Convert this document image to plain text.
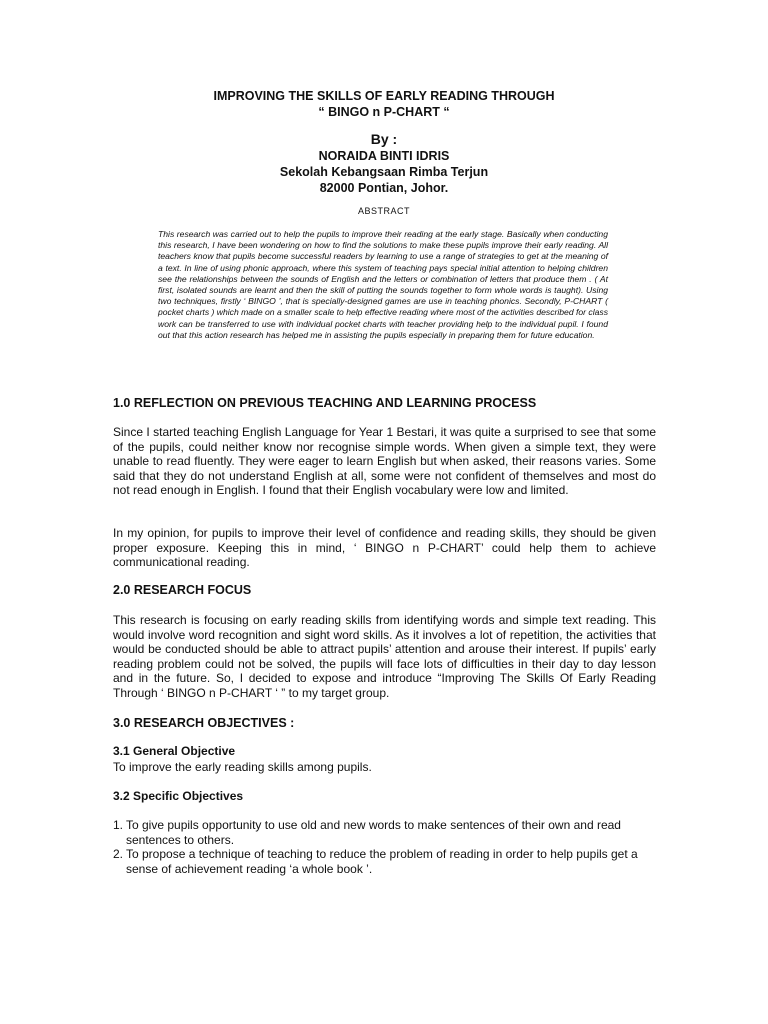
IMPROVING THE SKILLS OF EARLY READING THROUGH
“ BINGO n P-CHART “
By :
NORAIDA BINTI IDRIS
Sekolah Kebangsaan Rimba Terjun
82000 Pontian, Johor.
ABSTRACT
This research was carried out to help the pupils to improve their reading at the early stage. Basically when conducting this research, I have been wondering on how to find the solutions to make these pupils improve their early reading. All teachers know that pupils become successful readers by learning to use a range of strategies to get at the meaning of a text. In line of using phonic approach, where this system of teaching pays special initial attention to helping children see the relationships between the sounds of English and the letters or combination of letters that produce them . ( At first, isolated sounds are learnt and then the skill of putting the sounds together to form whole words is taught). Using two techniques, firstly ‘ BINGO ’, that is specially-designed games are use in teaching phonics. Secondly, P-CHART ( pocket charts ) which made on a smaller scale to help effective reading where most of the activities described for class work can be transferred to use with individual pocket charts with teacher providing help to the individual pupil. I found out that this action research has helped me in assisting the pupils especially in preparing them for future education.
1.0 REFLECTION ON PREVIOUS TEACHING AND LEARNING PROCESS
Since I started teaching English Language for Year 1 Bestari, it was quite a surprised to see that some of the pupils, could neither know nor recognise simple words. When given a simple text, they were unable to read fluently. They were eager to learn English but when asked, their reasons varies. Some said that they do not understand English at all, some were not confident of themselves and most do not read enough in English. I found that their English vocabulary were low and limited.
In my opinion, for pupils to improve their level of confidence and reading skills, they should be given proper exposure. Keeping this in mind, ‘ BINGO n P-CHART’ could help them to achieve communicational reading.
2.0 RESEARCH FOCUS
This research is focusing on early reading skills from identifying words and simple text reading. This would involve word recognition and sight word skills. As it involves a lot of repetition, the activities that would be conducted should be able to attract pupils’ attention and arouse their interest. If pupils’ early reading problem could not be solved, the pupils will face lots of difficulties in their day to day lesson and in the future. So, I decided to expose and introduce “Improving The Skills Of Early Reading Through ‘ BINGO n P-CHART ‘ ” to my target group.
3.0 RESEARCH OBJECTIVES :
3.1 General Objective
To improve the early reading skills among pupils.
3.2 Specific Objectives
1. To give pupils opportunity to use old and new words to make sentences of their own and read sentences to others.
2. To propose a technique of teaching to reduce the problem of reading in order to help pupils get a sense of achievement reading ‘a whole book ’.
